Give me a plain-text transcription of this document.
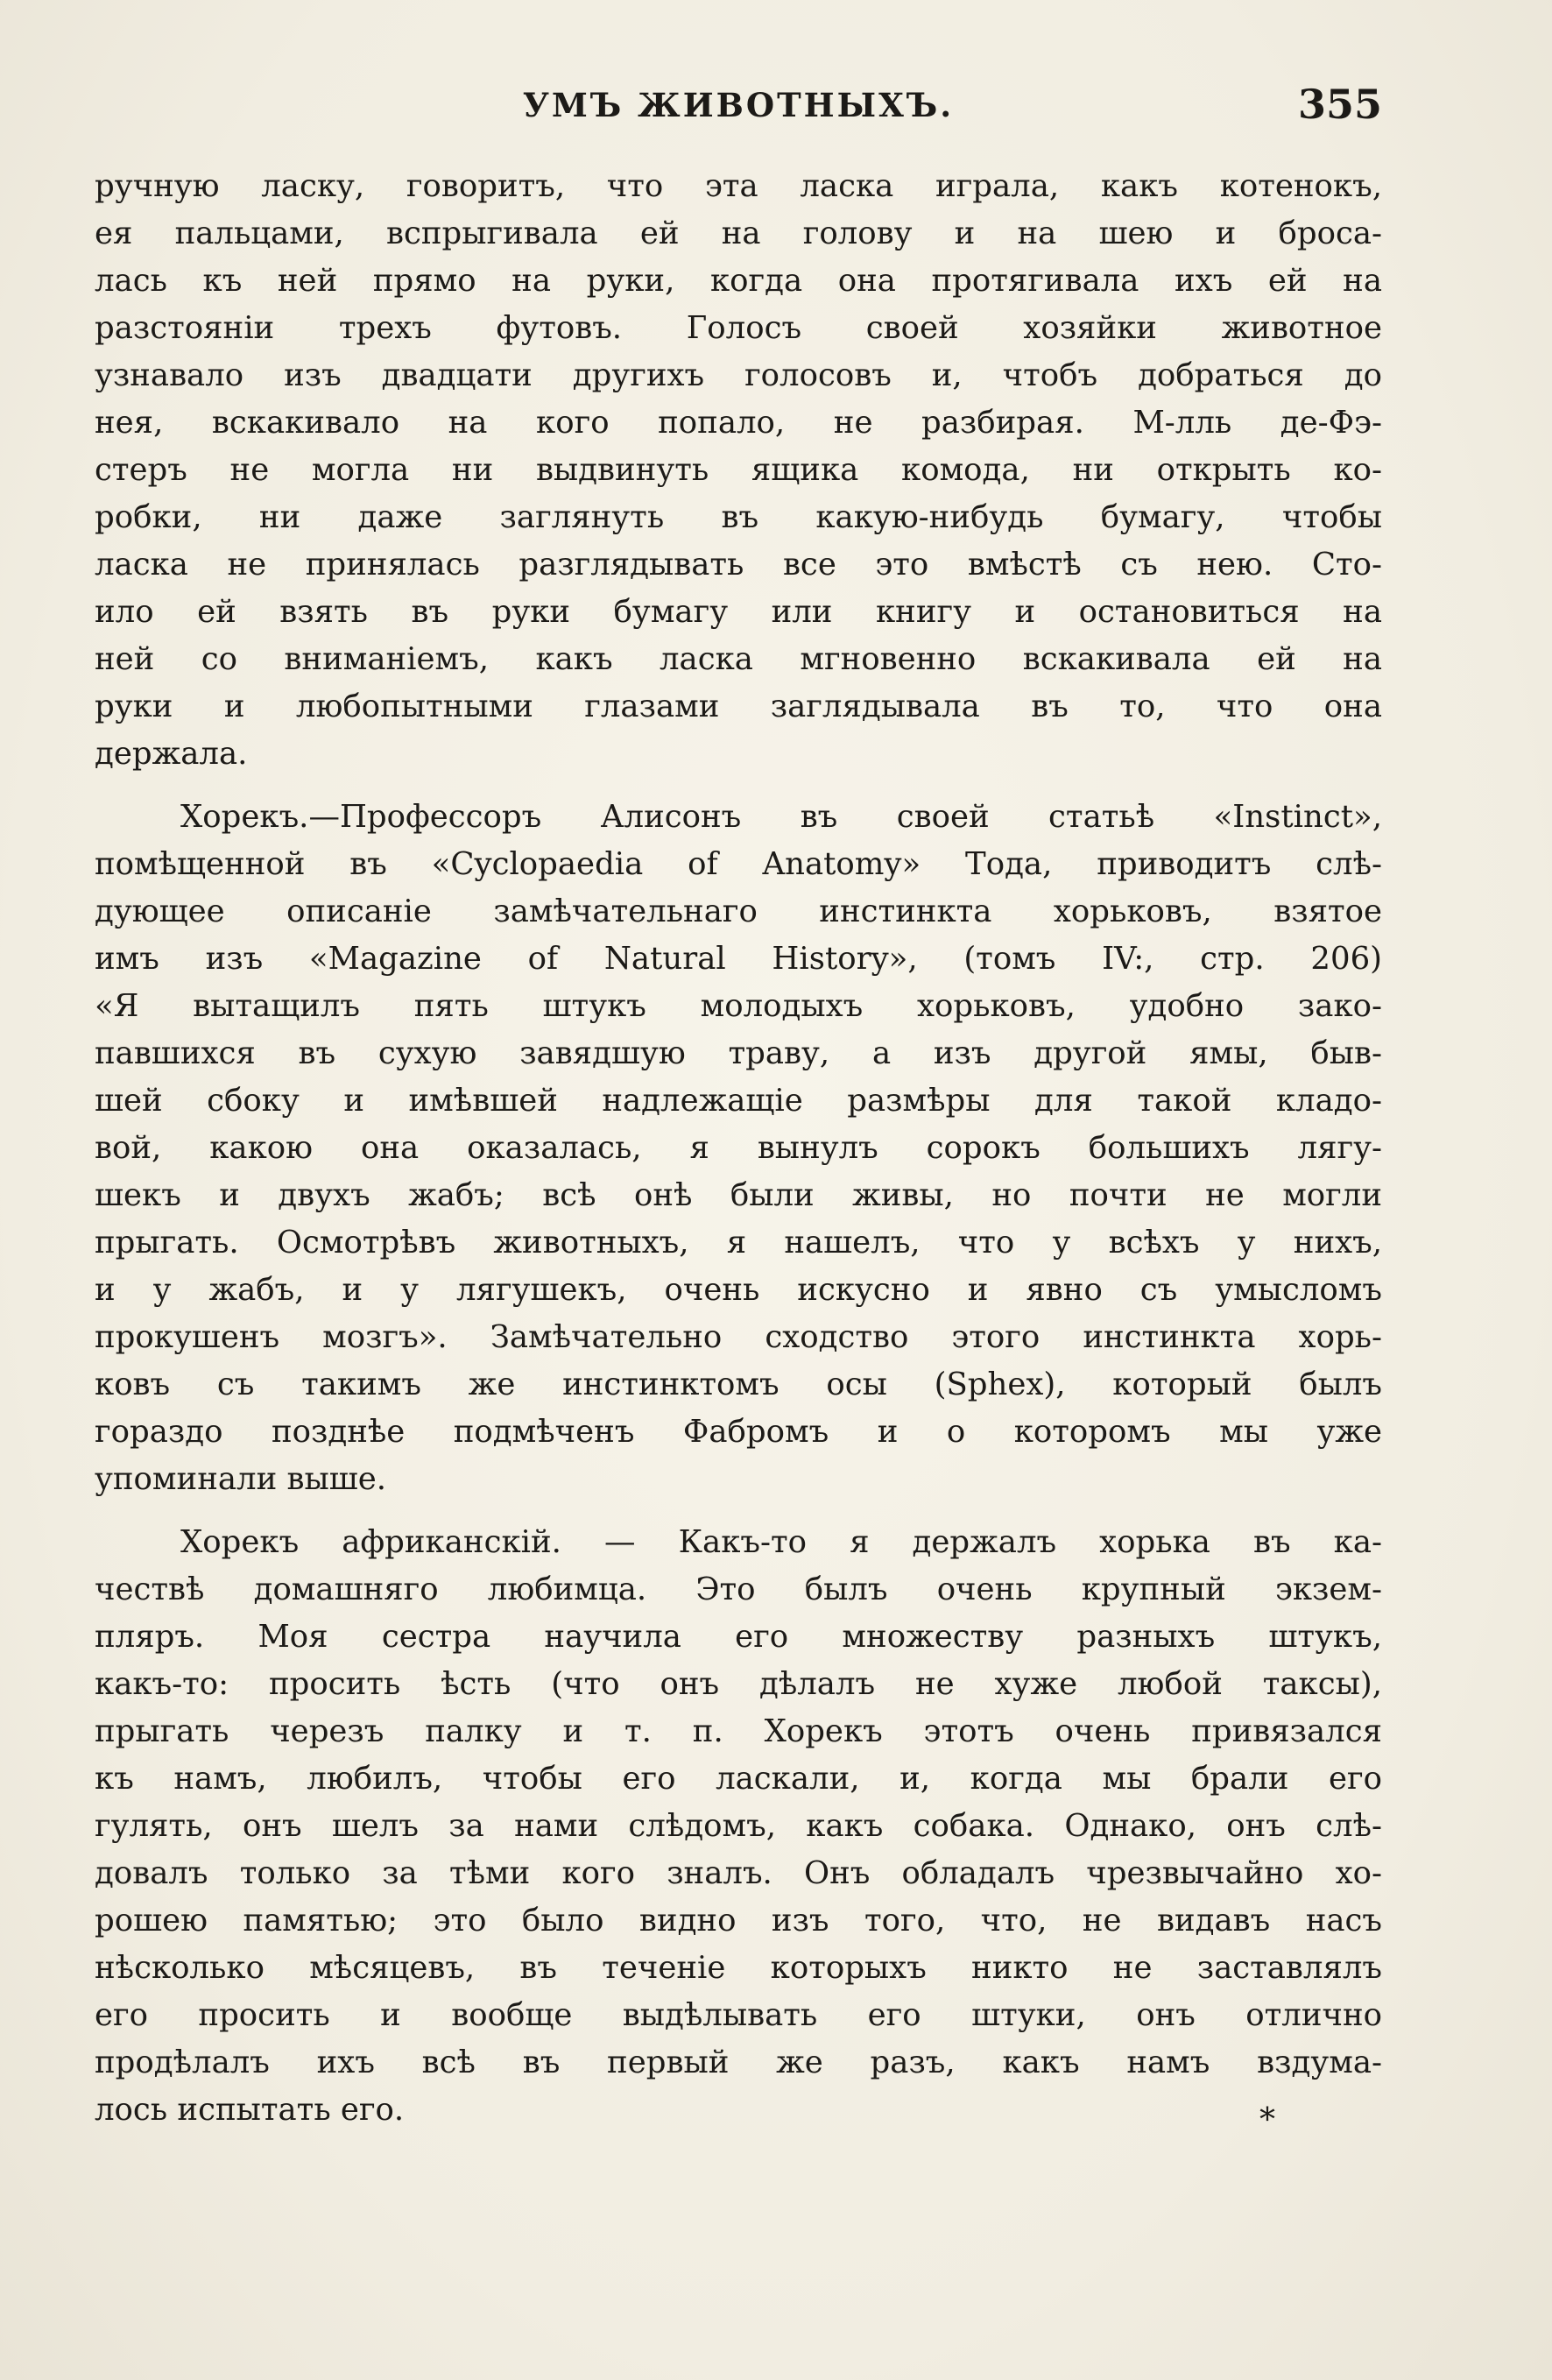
УМЪ ЖИВОТНЫХЪ.	355
ручную ласку, говоритъ, что эта ласка играла, какъ котенокъ,
ея пальцами, вспрыгивала ей на голову и на шею и броса-
лась къ ней прямо на руки, когда она протягивала ихъ ей на
разстояніи трехъ футовъ. Голосъ своей хозяйки животное
узнавало изъ двадцати другихъ голосовъ и, чтобъ добраться до
нея, вскакивало на кого попало, не разбирая. М-лль де-Фэ-
стеръ не могла ни выдвинуть ящика комода, ни открыть ко-
робки, ни даже заглянуть въ какую-нибудь бумагу, чтобы
ласка не принялась разглядывать все это вмѣстѣ съ нею. Сто-
ило ей взять въ руки бумагу или книгу и остановиться на
ней со вниманіемъ, какъ ласка мгновенно вскакивала ей на
руки и любопытными глазами заглядывала въ то, что она
держала.
Хорекъ.—Профессоръ Алисонъ въ своей статьѣ «Instinct»,
помѣщенной въ «Cyclopaedia of Anatomy» Тода, приводитъ слѣ-
дующее описаніе замѣчательнаго инстинкта хорьковъ, взятое
имъ изъ «Magazine of Natural History», (томъ IV:, стр. 206)
«Я вытащилъ пять штукъ молодыхъ хорьковъ, удобно зако-
павшихся въ сухую завядшую траву, а изъ другой ямы, быв-
шей сбоку и имѣвшей надлежащіе размѣры для такой кладо-
вой, какою она оказалась, я вынулъ сорокъ большихъ лягу-
шекъ и двухъ жабъ; всѣ онѣ были живы, но почти не могли
прыгать. Осмотрѣвъ животныхъ, я нашелъ, что у всѣхъ у нихъ,
и у жабъ, и у лягушекъ, очень искусно и явно съ умысломъ
прокушенъ мозгъ». Замѣчательно сходство этого инстинкта хорь-
ковъ съ такимъ же инстинктомъ осы (Sphex), который былъ
гораздо позднѣе подмѣченъ Фабромъ и о которомъ мы уже
упоминали выше.
Хорекъ африканскій. — Какъ-то я держалъ хорька въ ка-
чествѣ домашняго любимца. Это былъ очень крупный экзем-
пляръ. Моя сестра научила его множеству разныхъ штукъ,
какъ-то: просить ѣсть (что онъ дѣлалъ не хуже любой таксы),
прыгать черезъ палку и т. п. Хорекъ этотъ очень привязался
къ намъ, любилъ, чтобы его ласкали, и, когда мы брали его
гулять, онъ шелъ за нами слѣдомъ, какъ собака. Однако, онъ слѣ-
довалъ только за тѣми кого зналъ. Онъ обладалъ чрезвычайно хо-
рошею памятью; это было видно изъ того, что, не видавъ насъ
нѣсколько мѣсяцевъ, въ теченіе которыхъ никто не заставлялъ
его просить и вообще выдѣлывать его штуки, онъ отлично
продѣлалъ ихъ всѣ въ первый же разъ, какъ намъ вздума-
лось испытать его.	*
